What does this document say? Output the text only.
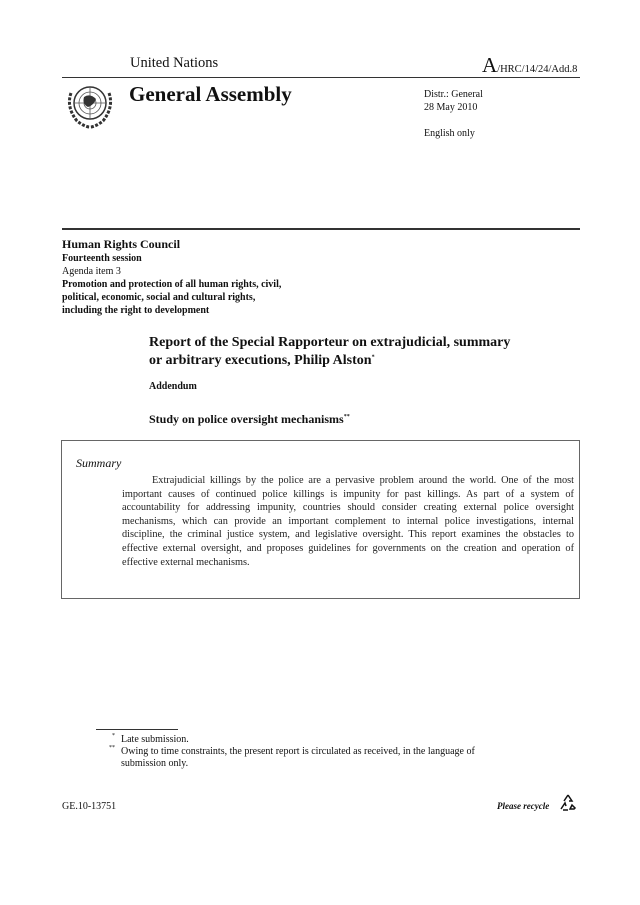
United Nations	A/HRC/14/24/Add.8
General Assembly	Distr.: General
28 May 2010
English only
Human Rights Council
Fourteenth session
Agenda item 3
Promotion and protection of all human rights, civil,
political, economic, social and cultural rights,
including the right to development
Report of the Special Rapporteur on extrajudicial, summary
or arbitrary executions, Philip Alston*
Addendum
Study on police oversight mechanisms**
Summary
Extrajudicial killings by the police are a pervasive problem around the world. One of the most important causes of continued police killings is impunity for past killings. As part of a system of accountability for addressing impunity, countries should consider creating external police oversight mechanisms, which can provide an important complement to internal police investigations, internal discipline, the criminal justice system, and legislative oversight. This report examines the obstacles to effective external oversight, and proposes guidelines for governments on the creation and operation of effective external mechanisms.
* Late submission.
** Owing to time constraints, the present report is circulated as received, in the language of
submission only.
GE.10-13751	Please recycle
